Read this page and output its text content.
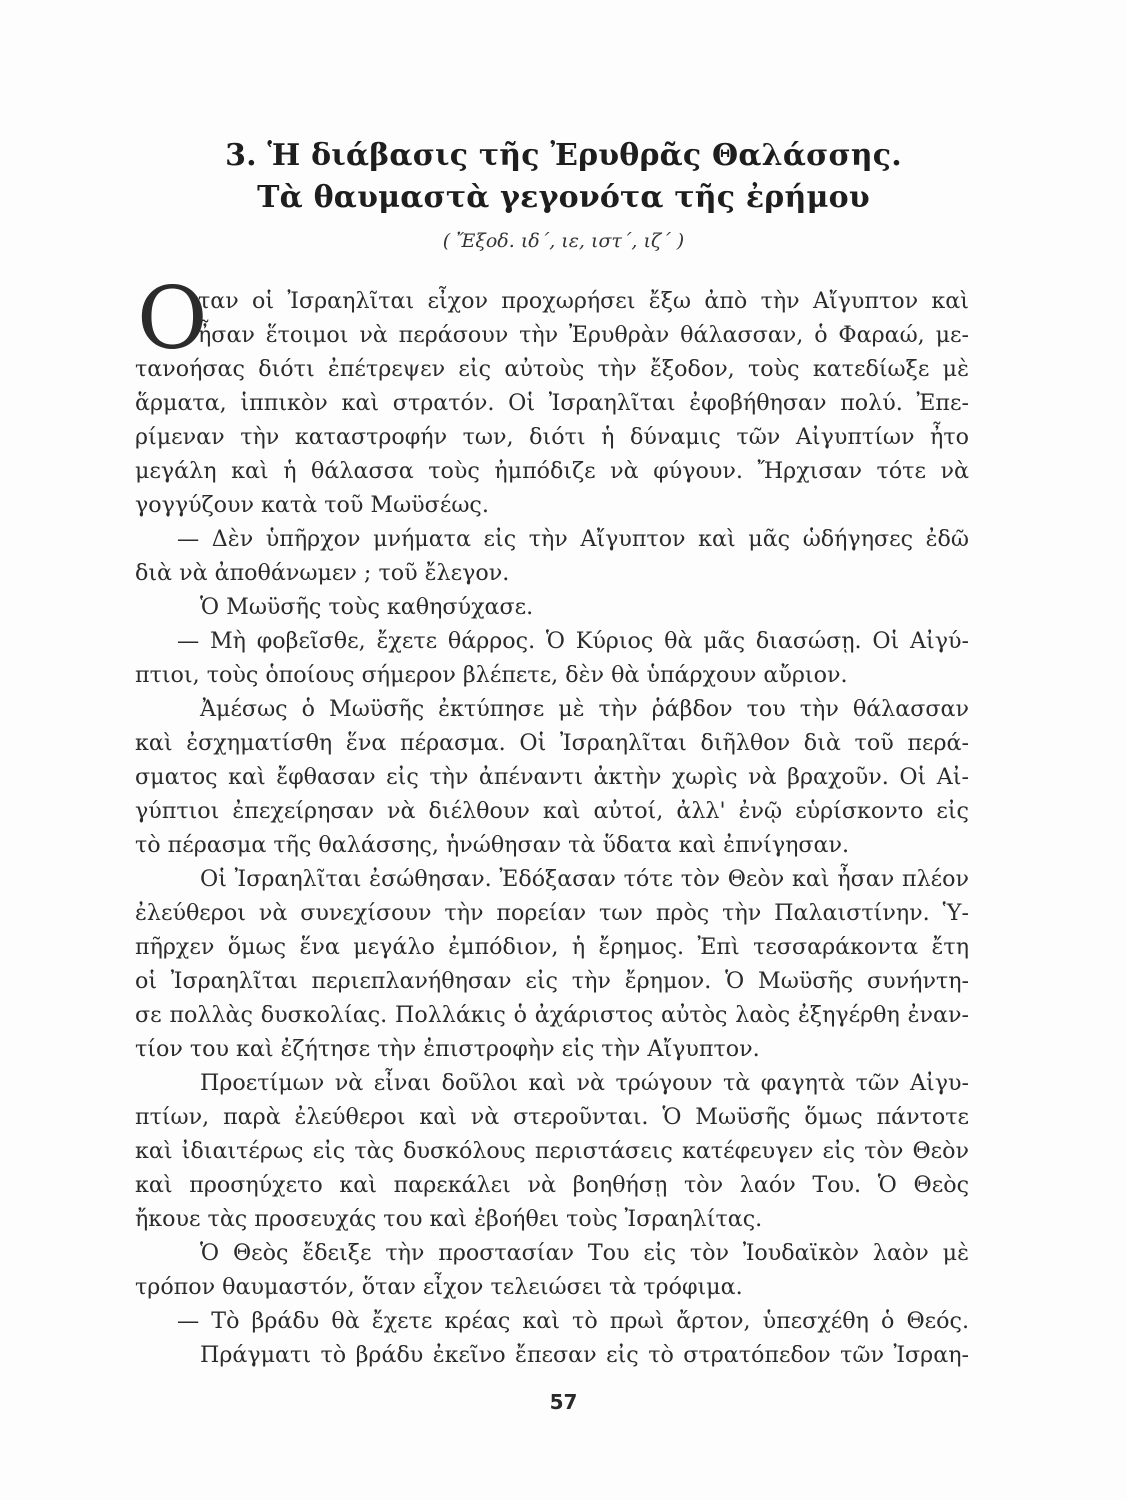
3. Ἡ διάβασις τῆς Ἐρυθρᾶς Θαλάσσης.
Τὰ θαυμαστὰ γεγονότα τῆς ἐρήμου
( Ἔξοδ. ιδ΄, ιε, ιστ΄, ιζ΄ )
Ο
ταν οἱ Ἰσραηλῖται εἶχον προχωρήσει ἔξω ἀπὸ τὴν Αἴγυπτον καὶ
ἦσαν ἕτοιμοι νὰ περάσουν τὴν Ἐρυθρὰν θάλασσαν, ὁ Φαραώ, με-
τανοήσας διότι ἐπέτρεψεν εἰς αὐτοὺς τὴν ἔξοδον, τοὺς κατεδίωξε μὲ
ἅρματα, ἱππικὸν καὶ στρατόν. Οἱ Ἰσραηλῖται ἐφοβήθησαν πολύ. Ἐπε-
ρίμεναν τὴν καταστροφήν των, διότι ἡ δύναμις τῶν Αἰγυπτίων ἦτο
μεγάλη καὶ ἡ θάλασσα τοὺς ἠμπόδιζε νὰ φύγουν. Ἤρχισαν τότε νὰ
γογγύζουν κατὰ τοῦ Μωϋσέως.
— Δὲν ὑπῆρχον μνήματα εἰς τὴν Αἴγυπτον καὶ μᾶς ὡδήγησες ἐδῶ
διὰ νὰ ἀποθάνωμεν ; τοῦ ἔλεγον.
Ὁ Μωϋσῆς τοὺς καθησύχασε.
— Μὴ φοβεῖσθε, ἔχετε θάρρος. Ὁ Κύριος θὰ μᾶς διασώσῃ. Οἱ Αἰγύ-
πτιοι, τοὺς ὁποίους σήμερον βλέπετε, δὲν θὰ ὑπάρχουν αὔριον.
Ἀμέσως ὁ Μωϋσῆς ἐκτύπησε μὲ τὴν ῥάβδον του τὴν θάλασσαν
καὶ ἐσχηματίσθη ἕνα πέρασμα. Οἱ Ἰσραηλῖται διῆλθον διὰ τοῦ περά-
σματος καὶ ἔφθασαν εἰς τὴν ἀπέναντι ἀκτὴν χωρὶς νὰ βραχοῦν. Οἱ Αἰ-
γύπτιοι ἐπεχείρησαν νὰ διέλθουν καὶ αὐτοί, ἀλλ' ἐνῷ εὑρίσκοντο εἰς
τὸ πέρασμα τῆς θαλάσσης, ἡνώθησαν τὰ ὕδατα καὶ ἐπνίγησαν.
Οἱ Ἰσραηλῖται ἐσώθησαν. Ἐδόξασαν τότε τὸν Θεὸν καὶ ἦσαν πλέον
ἐλεύθεροι νὰ συνεχίσουν τὴν πορείαν των πρὸς τὴν Παλαιστίνην. Ὑ-
πῆρχεν ὅμως ἕνα μεγάλο ἐμπόδιον, ἡ ἔρημος. Ἐπὶ τεσσαράκοντα ἔτη
οἱ Ἰσραηλῖται περιεπλανήθησαν εἰς τὴν ἔρημον. Ὁ Μωϋσῆς συνήντη-
σε πολλὰς δυσκολίας. Πολλάκις ὁ ἀχάριστος αὐτὸς λαὸς ἐξηγέρθη ἐναν-
τίον του καὶ ἐζήτησε τὴν ἐπιστροφὴν εἰς τὴν Αἴγυπτον.
Προετίμων νὰ εἶναι δοῦλοι καὶ νὰ τρώγουν τὰ φαγητὰ τῶν Αἰγυ-
πτίων, παρὰ ἐλεύθεροι καὶ νὰ στεροῦνται. Ὁ Μωϋσῆς ὅμως πάντοτε
καὶ ἰδιαιτέρως εἰς τὰς δυσκόλους περιστάσεις κατέφευγεν εἰς τὸν Θεὸν
καὶ προσηύχετο καὶ παρεκάλει νὰ βοηθήσῃ τὸν λαόν Του. Ὁ Θεὸς
ἤκουε τὰς προσευχάς του καὶ ἐβοήθει τοὺς Ἰσραηλίτας.
Ὁ Θεὸς ἔδειξε τὴν προστασίαν Του εἰς τὸν Ἰουδαϊκὸν λαὸν μὲ
τρόπον θαυμαστόν, ὅταν εἶχον τελειώσει τὰ τρόφιμα.
— Τὸ βράδυ θὰ ἔχετε κρέας καὶ τὸ πρωὶ ἄρτον, ὑπεσχέθη ὁ Θεός.
Πράγματι τὸ βράδυ ἐκεῖνο ἔπεσαν εἰς τὸ στρατόπεδον τῶν Ἰσραη-
57
